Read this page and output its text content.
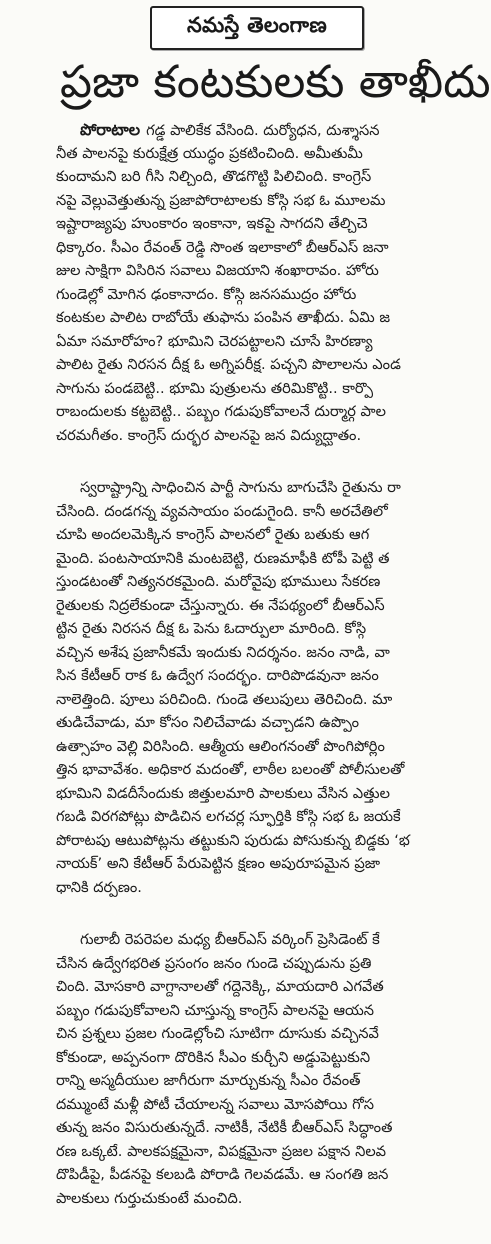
నమస్తే తెలంగాణ
ప్రజా కంటకులకు తాఖీదు
పోరాటాల గడ్డ పాలికేక వేసింది. దుర్యోధన, దుశ్శాసన
నీత పాలనపై కురుక్షేత్ర యుద్ధం ప్రకటించింది. అమీతుమీ
కుందామని బరి గీసి నిల్చింది, తొడగొట్టి పిలిచింది. కాంగ్రెస్
నపై వెల్లువెత్తుతున్న ప్రజాపోరాటాలకు కోస్గి సభ ఓ మూలమ
ఇష్టారాజ్యపు హుంకారం ఇంకానా, ఇకపై సాగదని తేల్చిచె
ధిక్కారం. సీఎం రేవంత్ రెడ్డి సొంత ఇలాకాలో బీఆర్ఎస్ జనా
జుల సాక్షిగా విసిరిన సవాలు విజయాని శంఖారావం. హోరు
గుండెల్లో మోగిన ఢంకానాదం. కోస్గి జనసముద్రం హోరు
కంటకుల పాలిట రాబోయే తుఫాను పంపిన తాఖీదు. ఏమి జ
ఏమా సమారోహం? భూమిని చెరపట్టాలని చూసే హిరణ్యా
పాలిట రైతు నిరసన దీక్ష ఓ అగ్నిపరీక్ష. పచ్చని పొలాలను ఎండ
సాగును పండబెట్టి.. భూమి పుత్రులను తరిమికొట్టి.. కార్పొ
రాబందులకు కట్టబెట్టి.. పబ్బం గడుపుకోవాలనే దుర్మార్గ పాల
చరమగీతం. కాంగ్రెస్ దుర్భర పాలనపై జన విద్యుద్ఘాతం.
స్వరాష్ట్రాన్ని సాధించిన పార్టీ సాగును బాగుచేసి రైతును రా
చేసింది. దండగన్న వ్యవసాయం పండుగైంది. కానీ అరచేతిలో
చూపి అందలమెక్కిన కాంగ్రెస్ పాలనలో రైతు బతుకు ఆగ
మైంది. పంటసాయానికి మంటబెట్టి, రుణమాఫీకి టోపీ పెట్టి త
స్తుండటంతో నిత్యనరకమైంది. మరోవైపు భూములు సేకరణ
రైతులకు నిద్రలేకుండా చేస్తున్నారు. ఈ నేపథ్యంలో బీఆర్ఎస్
ట్టిన రైతు నిరసన దీక్ష ఓ పెను ఓదార్పులా మారింది. కోస్గి
వచ్చిన అశేష ప్రజానీకమే ఇందుకు నిదర్శనం. జనం నాడి, వా
సిన కేటీఆర్ రాక ఓ ఉద్వేగ సందర్భం. దారిపొడవునా జనం
నాలెత్తింది. పూలు పరిచింది. గుండె తలుపులు తెరిచింది. మా
తుడిచేవాడు, మా కోసం నిలిచేవాడు వచ్చాడని ఉప్పొం
ఉత్సాహం వెల్లి విరిసింది. ఆత్మీయ ఆలింగనంతో పొంగిపోర్లిం
త్తిన భావావేశం. అధికార మదంతో, లాఠీల బలంతో పోలీసులతో
భూమిని విడదీసేందుకు జిత్తులమారి పాలకులు వేసిన ఎత్తుల
గబడి విరగపోట్లు పొడిచిన లగచర్ల స్ఫూర్తికి కోస్గి సభ ఓ జయకే
పోరాటపు ఆటుపోట్లను తట్టుకుని పురుడు పోసుకున్న బిడ్డకు ‘భ
నాయక్’ అని కేటీఆర్ పేరుపెట్టిన క్షణం అపురూపమైన ప్రజా
ధానికి దర్పణం.
గులాబీ రెపరెపల మధ్య బీఆర్ఎస్ వర్కింగ్ ప్రెసిడెంట్ కే
చేసిన ఉద్వేగభరిత ప్రసంగం జనం గుండె చప్పుడును ప్రతి
చింది. మోసకారి వాగ్దానాలతో గద్దెనెక్కి, మాయదారి ఎగవేత
పబ్బం గడుపుకోవాలని చూస్తున్న కాంగ్రెస్ పాలనపై ఆయన
చిన ప్రశ్నలు ప్రజల గుండెల్లోంచి సూటిగా దూసుకు వచ్చినవే
కోకుండా, అప్పనంగా దొరికిన సీఎం కుర్చీని అడ్డుపెట్టుకుని
రాన్ని అస్మదీయుల జాగీరుగా మార్చుకున్న సీఎం రేవంత్
దమ్ముంటే మళ్లీ పోటీ చేయాలన్న సవాలు మోసపోయి గోస
తున్న జనం విసురుతున్నదే. నాటికీ, నేటికీ బీఆర్ఎస్ సిద్ధాంత
రణ ఒక్కటే. పాలకపక్షమైనా, విపక్షమైనా ప్రజల పక్షాన నిలవ
దొపిడీపై, పీడనపై కలబడి పోరాడి గెలవడమే. ఆ సంగతి జన
పాలకులు గుర్తుచుకుంటే మంచిది.
